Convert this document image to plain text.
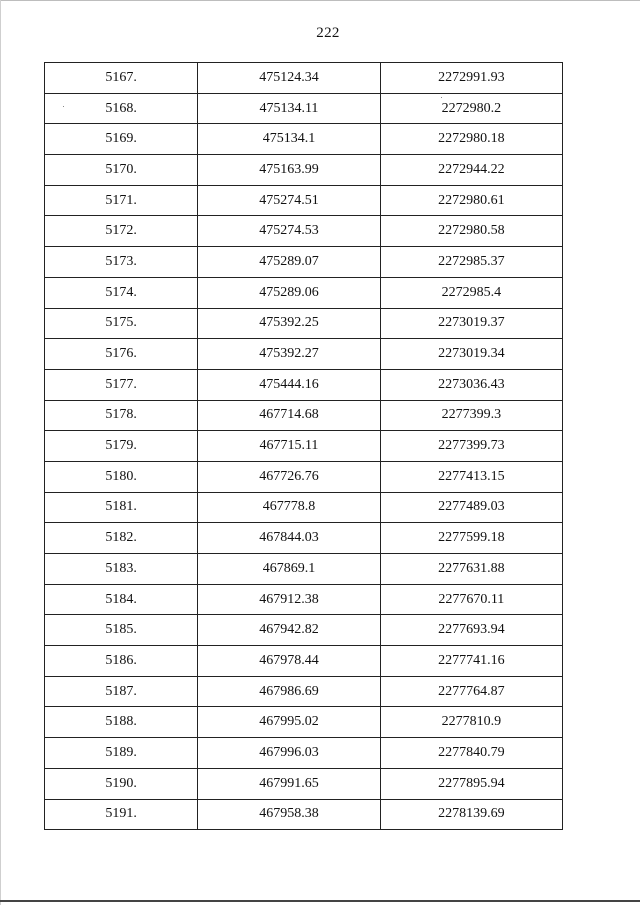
222
5167.	475124.34	2272991.93
5168.	475134.11	2272980.2
5169.	475134.1	2272980.18
5170.	475163.99	2272944.22
5171.	475274.51	2272980.61
5172.	475274.53	2272980.58
5173.	475289.07	2272985.37
5174.	475289.06	2272985.4
5175.	475392.25	2273019.37
5176.	475392.27	2273019.34
5177.	475444.16	2273036.43
5178.	467714.68	2277399.3
5179.	467715.11	2277399.73
5180.	467726.76	2277413.15
5181.	467778.8	2277489.03
5182.	467844.03	2277599.18
5183.	467869.1	2277631.88
5184.	467912.38	2277670.11
5185.	467942.82	2277693.94
5186.	467978.44	2277741.16
5187.	467986.69	2277764.87
5188.	467995.02	2277810.9
5189.	467996.03	2277840.79
5190.	467991.65	2277895.94
5191.	467958.38	2278139.69
